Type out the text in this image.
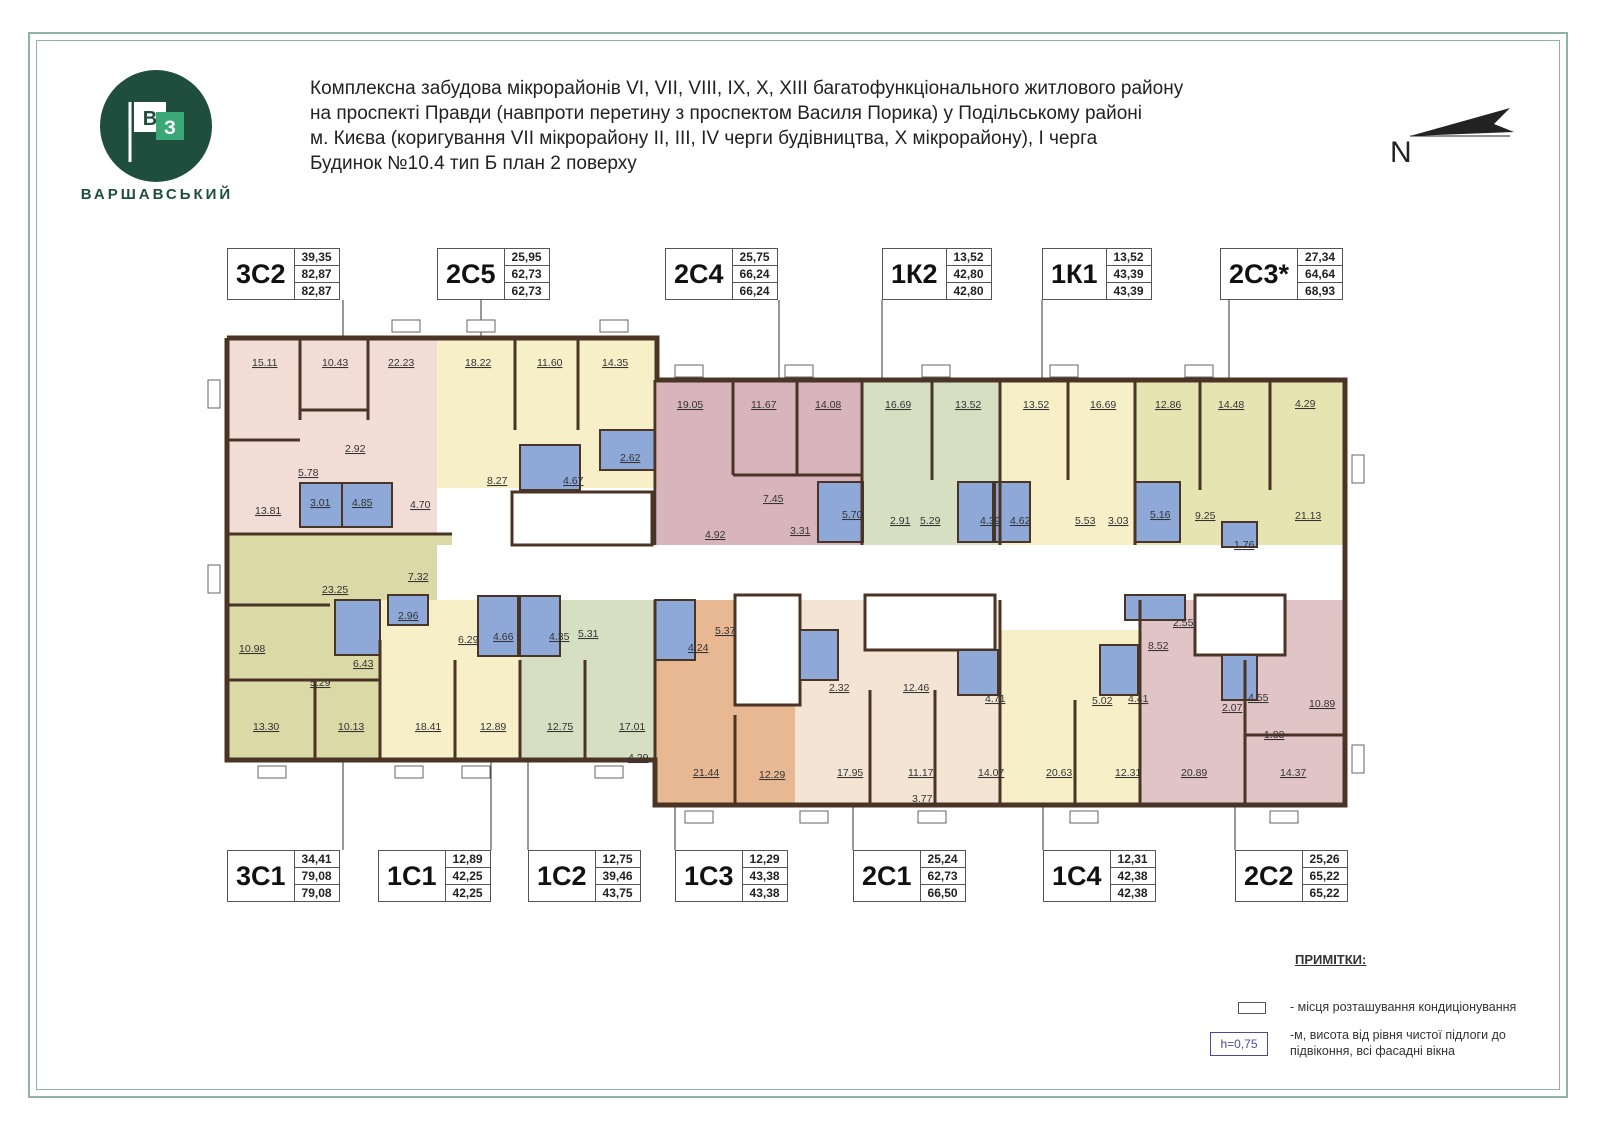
В З
ВАРШАВСЬКИЙ
Комплексна забудова мікрорайонів VI, VII, VIII, IX, X, XIII багатофункціонального житлового району
на проспекті Правди (навпроти перетину з проспектом Василя Порика) у Подільському районі
м. Києва (коригування VII мікрорайону II, III, IV черги будівництва, X мікрорайону), I черга
Будинок №10.4 тип Б план 2 поверху	N
3С2
39,35
82,87
82,87
2С5
25,95
62,73
62,73
2С4
25,75
66,24
66,24
1К2
13,52
42,80
42,80
1К1
13,52
43,39
43,39
2С3*
27,34
64,64
68,93
3С1
34,41
79,08
79,08
1С1
12,89
42,25
42,25
1С2
12,75
39,46
43,75
1С3
12,29
43,38
43,38
2С1
25,24
62,73
66,50
1С4
12,31
42,38
42,38
2С2
25,26
65,22
65,22
15.11	10.43	22.23	18.22	11.60	14.35
19.05	11.67	14.08	16.69	13.52	13.52	16.69	12.86	14.48	4.29
2.92
5.78
13.81
3.01 4.85	4.70
8.27	4.67
2.62
7.45
3.31
5.70	2.91 5.29	4.39 4.62	5.53 3.03 5.16 9.25	21.13
1.76
4.92
23.25
7.32
2.96
6.29 4.66	4.35 5.31
10.98
6.43
5.29
4.24
5.37
2.32	12.46
4.71	5.02 4.41
8.52
2.55
2.07
4.55
1.88
10.89
13.30	10.13	18.41	12.89	12.75	17.01
4.29
21.44	12.29	17.95	11.17
3.77
14.07	20.63	12.31	20.89	14.37
ПРИМІТКИ:
- місця розташування кондиціонування
h=0,75
-м, висота від рівня чистої підлоги до
підвіконня, всі фасадні вікна
